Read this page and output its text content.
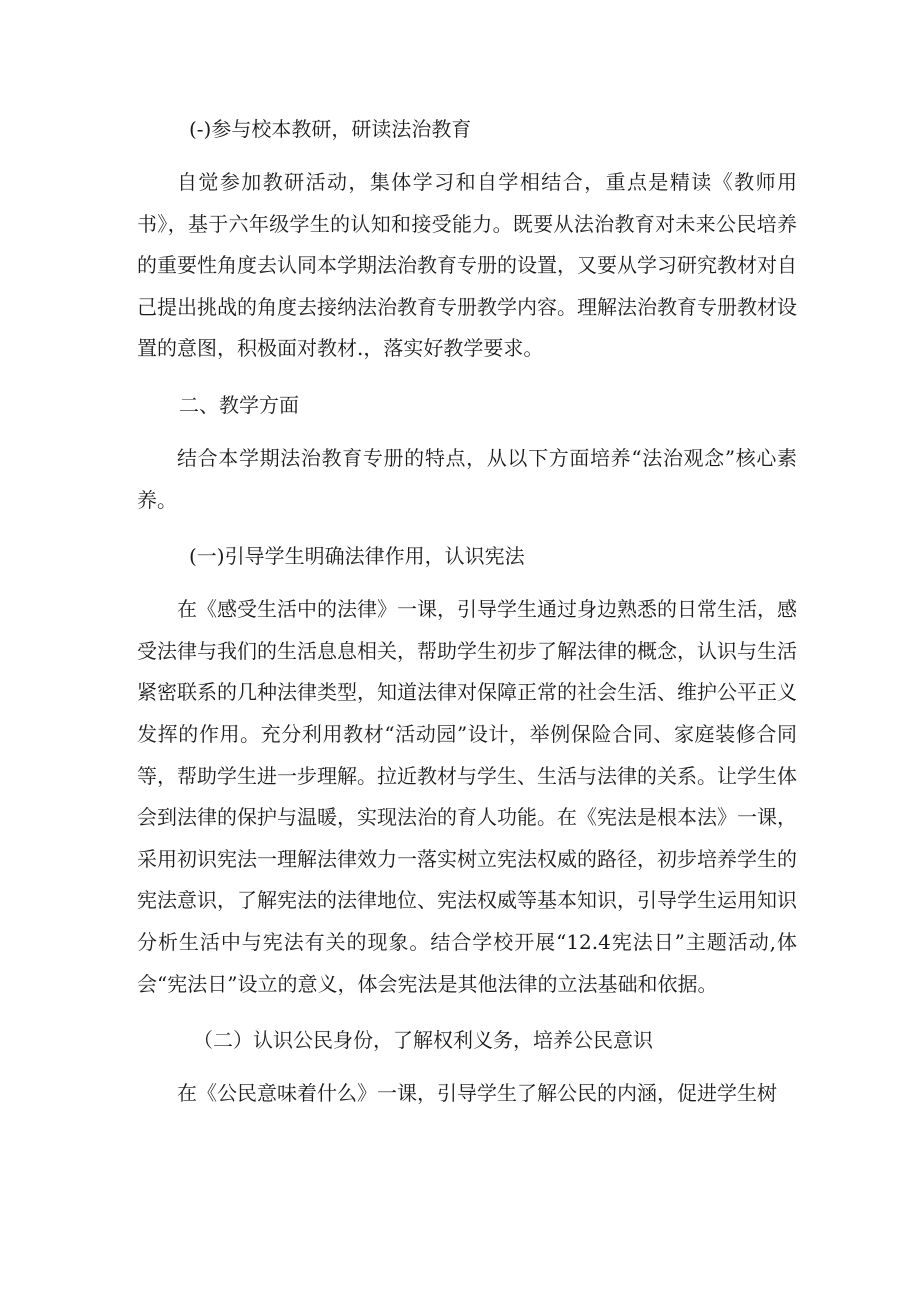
(-)参与校本教研，研读法治教育

自觉参加教研活动，集体学习和自学相结合，重点是精读《教师用书》，基于六年级学生的认知和接受能力。既要从法治教育对未来公民培养的重要性角度去认同本学期法治教育专册的设置，又要从学习研究教材对自己提出挑战的角度去接纳法治教育专册教学内容。理解法治教育专册教材设置的意图，积极面对教材.，落实好教学要求。

二、教学方面

结合本学期法治教育专册的特点，从以下方面培养“法治观念”核心素养。

(一)引导学生明确法律作用，认识宪法

在《感受生活中的法律》一课，引导学生通过身边熟悉的日常生活，感受法律与我们的生活息息相关，帮助学生初步了解法律的概念，认识与生活紧密联系的几种法律类型，知道法律对保障正常的社会生活、维护公平正义发挥的作用。充分利用教材“活动园”设计，举例保险合同、家庭装修合同等，帮助学生进一步理解。拉近教材与学生、生活与法律的关系。让学生体会到法律的保护与温暖，实现法治的育人功能。在《宪法是根本法》一课，采用初识宪法一理解法律效力一落实树立宪法权威的路径，初步培养学生的宪法意识，了解宪法的法律地位、宪法权威等基本知识，引导学生运用知识分析生活中与宪法有关的现象。结合学校开展“12.4宪法日”主题活动,体会“宪法日”设立的意义，体会宪法是其他法律的立法基础和依据。

（二）认识公民身份，了解权利义务，培养公民意识

在《公民意味着什么》一课，引导学生了解公民的内涵，促进学生树
